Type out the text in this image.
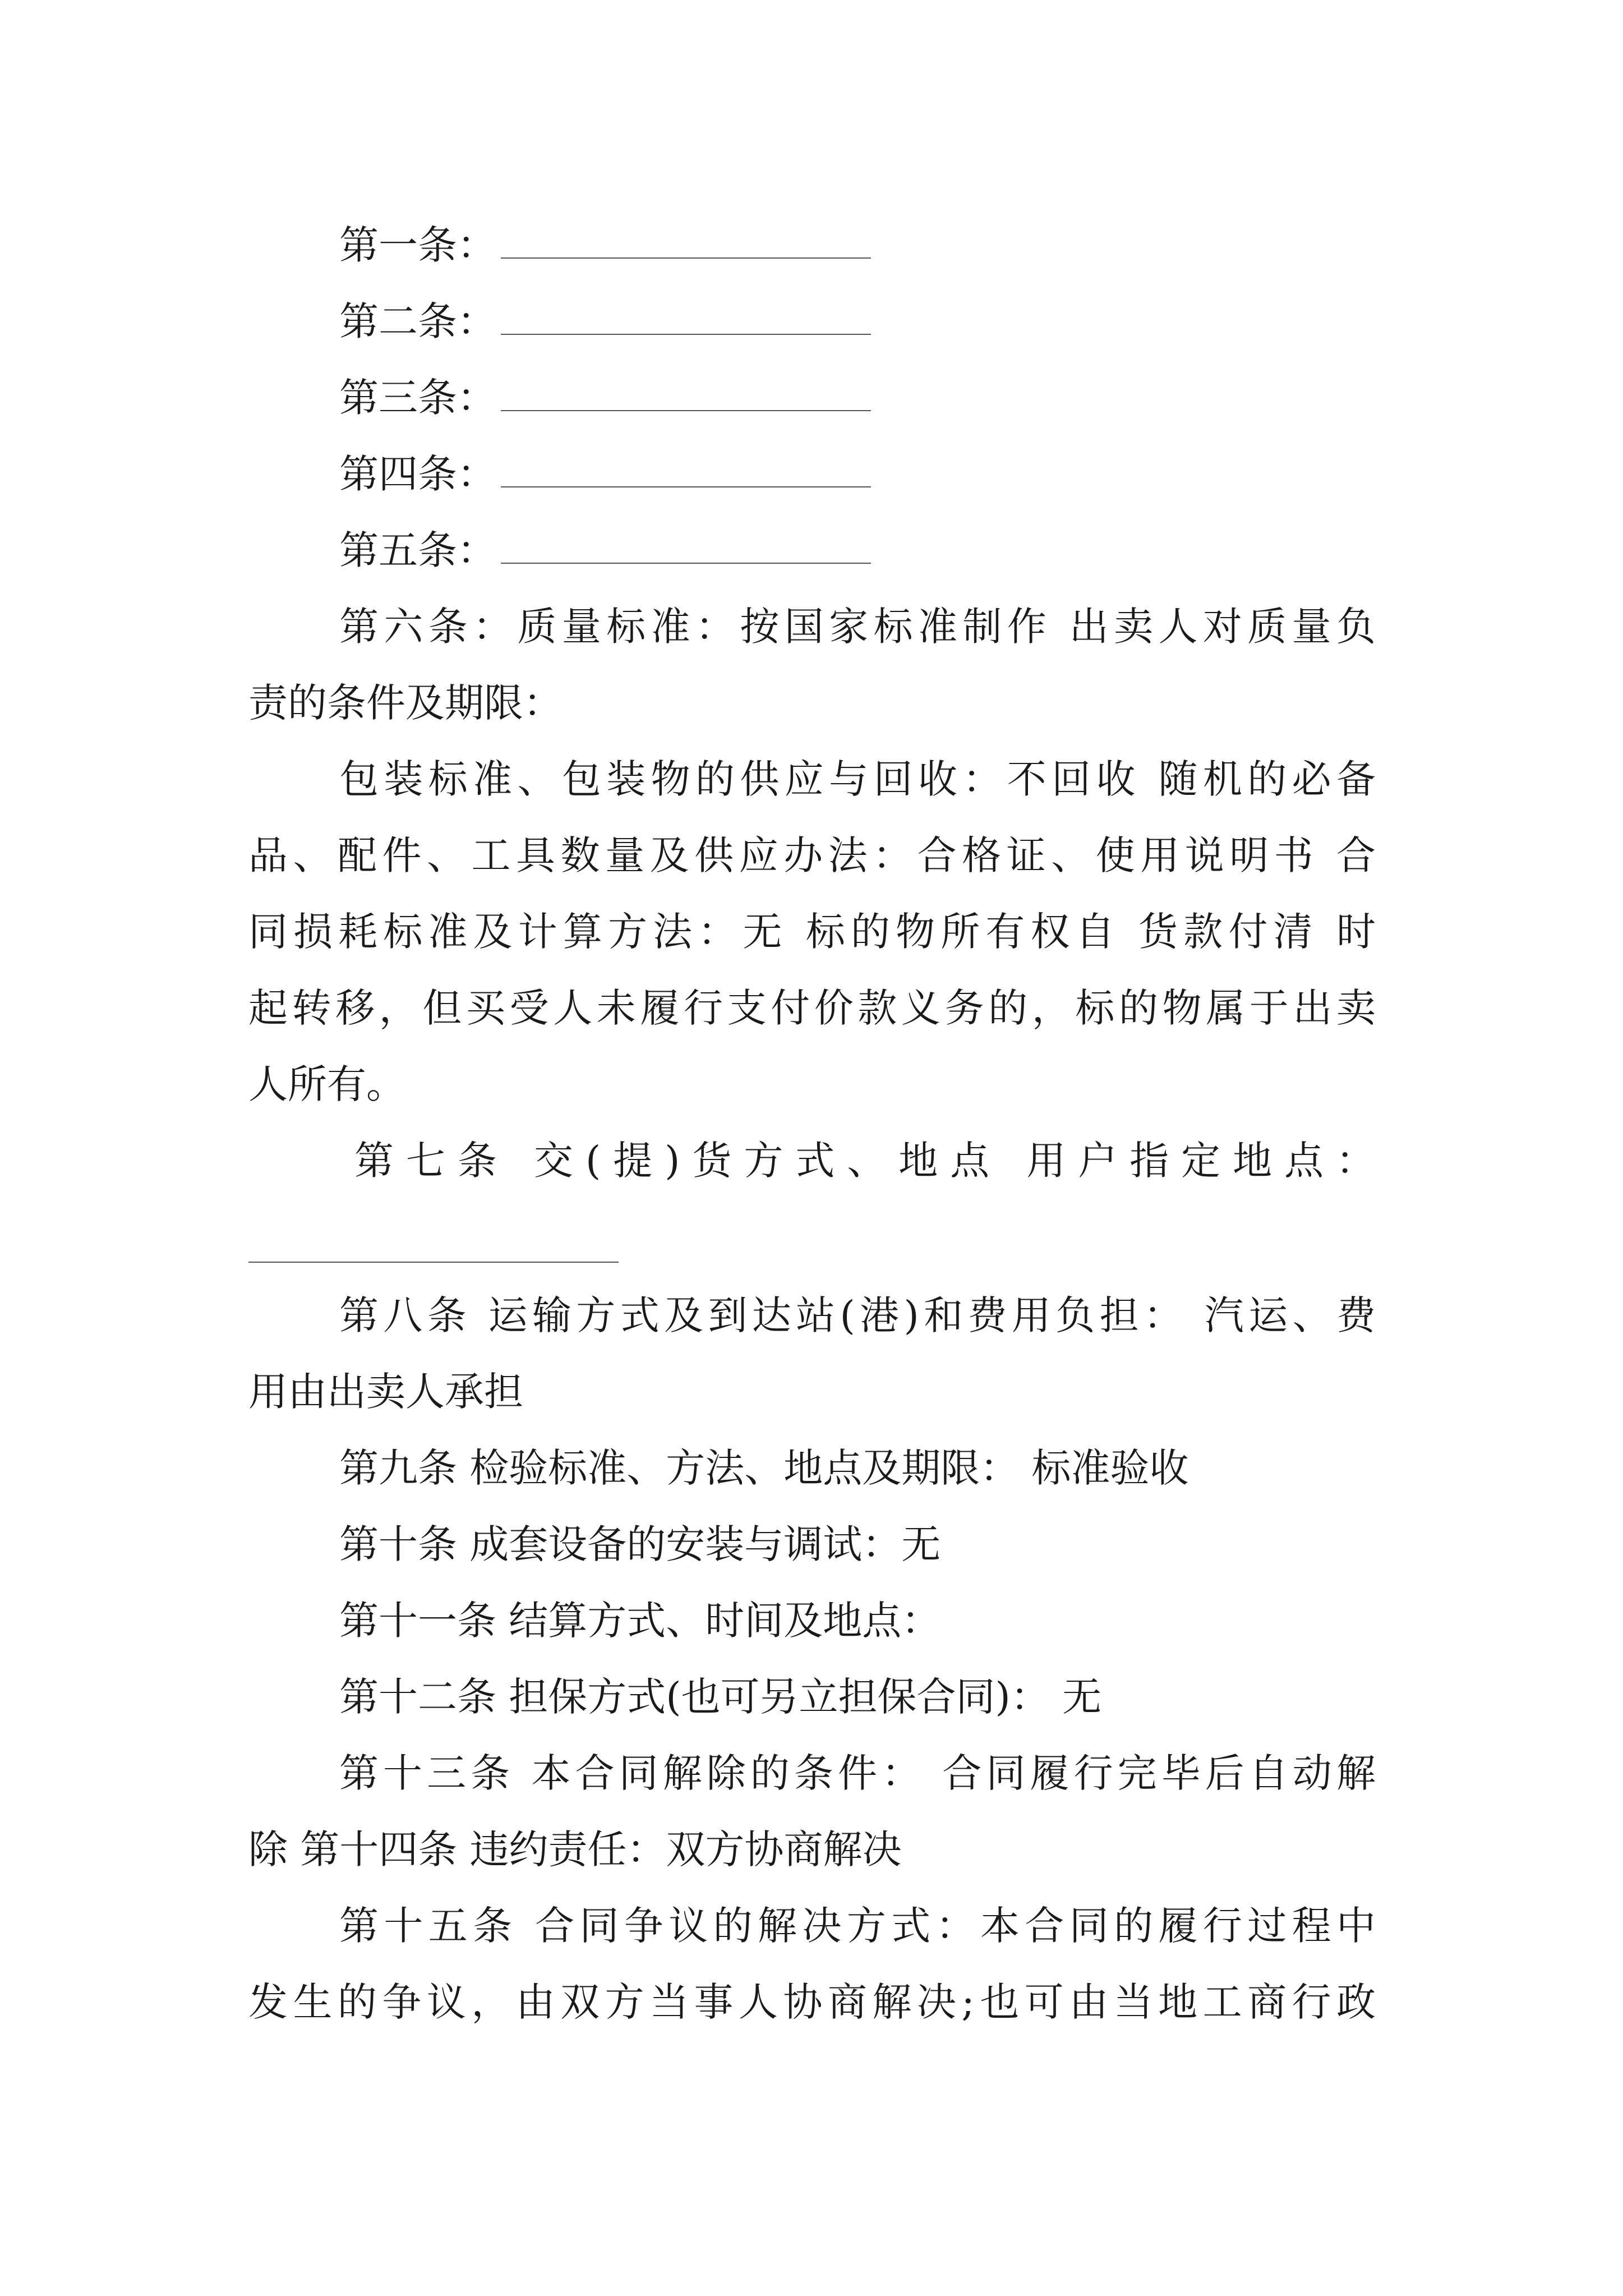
第一条：
第二条：
第三条：
第四条：
第五条：
第六条：质量标准：按国家标准制作 出卖人对质量负
责的条件及期限：
包装标准、包装物的供应与回收：不回收 随机的必备
品、配件、工具数量及供应办法：合格证、使用说明书 合
同损耗标准及计算方法：无 标的物所有权自 货款付清 时
起转移，但买受人未履行支付价款义务的，标的物属于出卖
人所有。
第七条 交(提)货方式、地点 用户指定地点：
第八条 运输方式及到达站(港)和费用负担： 汽运、费
用由出卖人承担
第九条 检验标准、方法、地点及期限： 标准验收
第十条 成套设备的安装与调试：无
第十一条 结算方式、时间及地点：
第十二条 担保方式(也可另立担保合同)： 无
第十三条 本合同解除的条件： 合同履行完毕后自动解
除 第十四条 违约责任：双方协商解决
第十五条 合同争议的解决方式：本合同的履行过程中
发生的争议，由双方当事人协商解决;也可由当地工商行政
